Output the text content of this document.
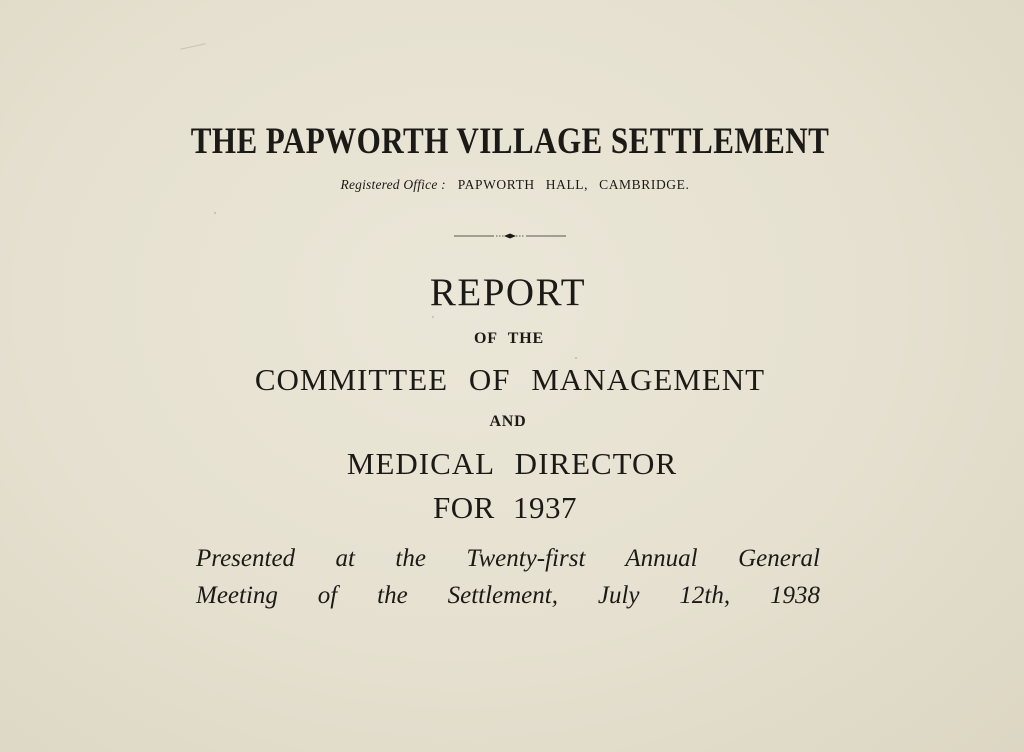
THE PAPWORTH VILLAGE SETTLEMENT
Registered Office : PAPWORTH HALL, CAMBRIDGE.
REPORT
OF THE
COMMITTEE OF MANAGEMENT
AND
MEDICAL DIRECTOR
FOR 1937
Presented at the Twenty-first Annual General
Meeting of the Settlement, July 12th, 1938
